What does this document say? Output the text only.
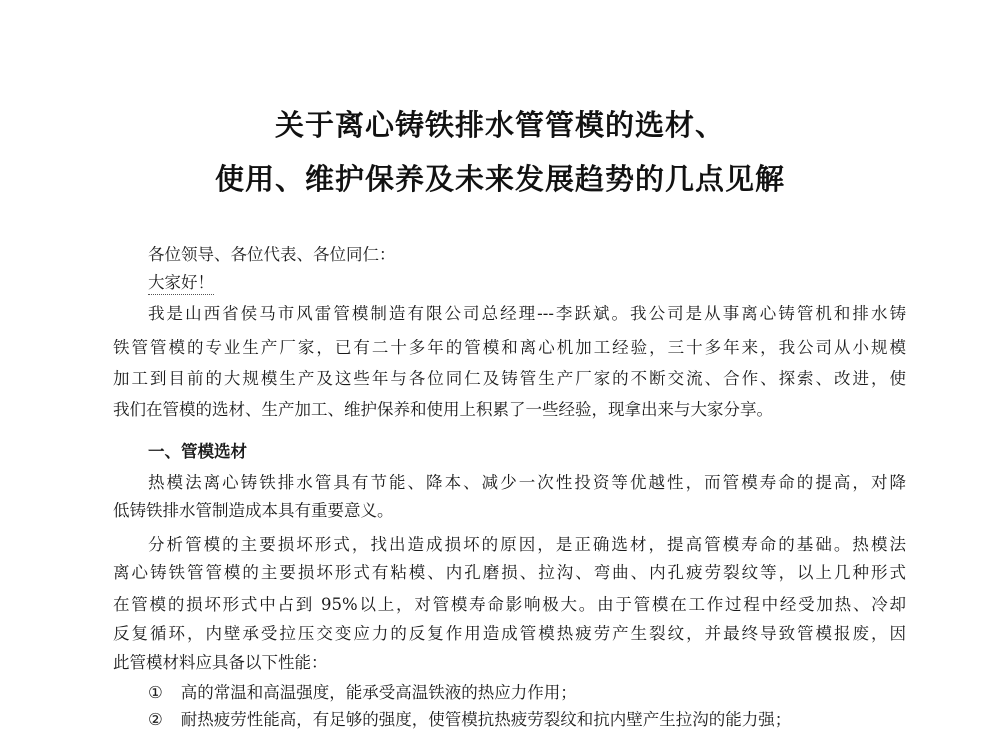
关于离心铸铁排水管管模的选材、
使用、维护保养及未来发展趋势的几点见解
各位领导、各位代表、各位同仁：
大家好！
我是山西省侯马市风雷管模制造有限公司总经理---李跃斌。我公司是从事离心铸管机和排水铸
铁管管模的专业生产厂家，已有二十多年的管模和离心机加工经验，三十多年来，我公司从小规模
加工到目前的大规模生产及这些年与各位同仁及铸管生产厂家的不断交流、合作、探索、改进，使
我们在管模的选材、生产加工、维护保养和使用上积累了一些经验，现拿出来与大家分享。
一、管模选材
热模法离心铸铁排水管具有节能、降本、减少一次性投资等优越性，而管模寿命的提高，对降
低铸铁排水管制造成本具有重要意义。
分析管模的主要损坏形式，找出造成损坏的原因，是正确选材，提高管模寿命的基础。热模法
离心铸铁管管模的主要损坏形式有粘模、内孔磨损、拉沟、弯曲、内孔疲劳裂纹等，以上几种形式
在管模的损坏形式中占到 95%以上，对管模寿命影响极大。由于管模在工作过程中经受加热、冷却
反复循环，内壁承受拉压交变应力的反复作用造成管模热疲劳产生裂纹，并最终导致管模报废，因
此管模材料应具备以下性能：
① 高的常温和高温强度，能承受高温铁液的热应力作用；
② 耐热疲劳性能高，有足够的强度，使管模抗热疲劳裂纹和抗内壁产生拉沟的能力强；
